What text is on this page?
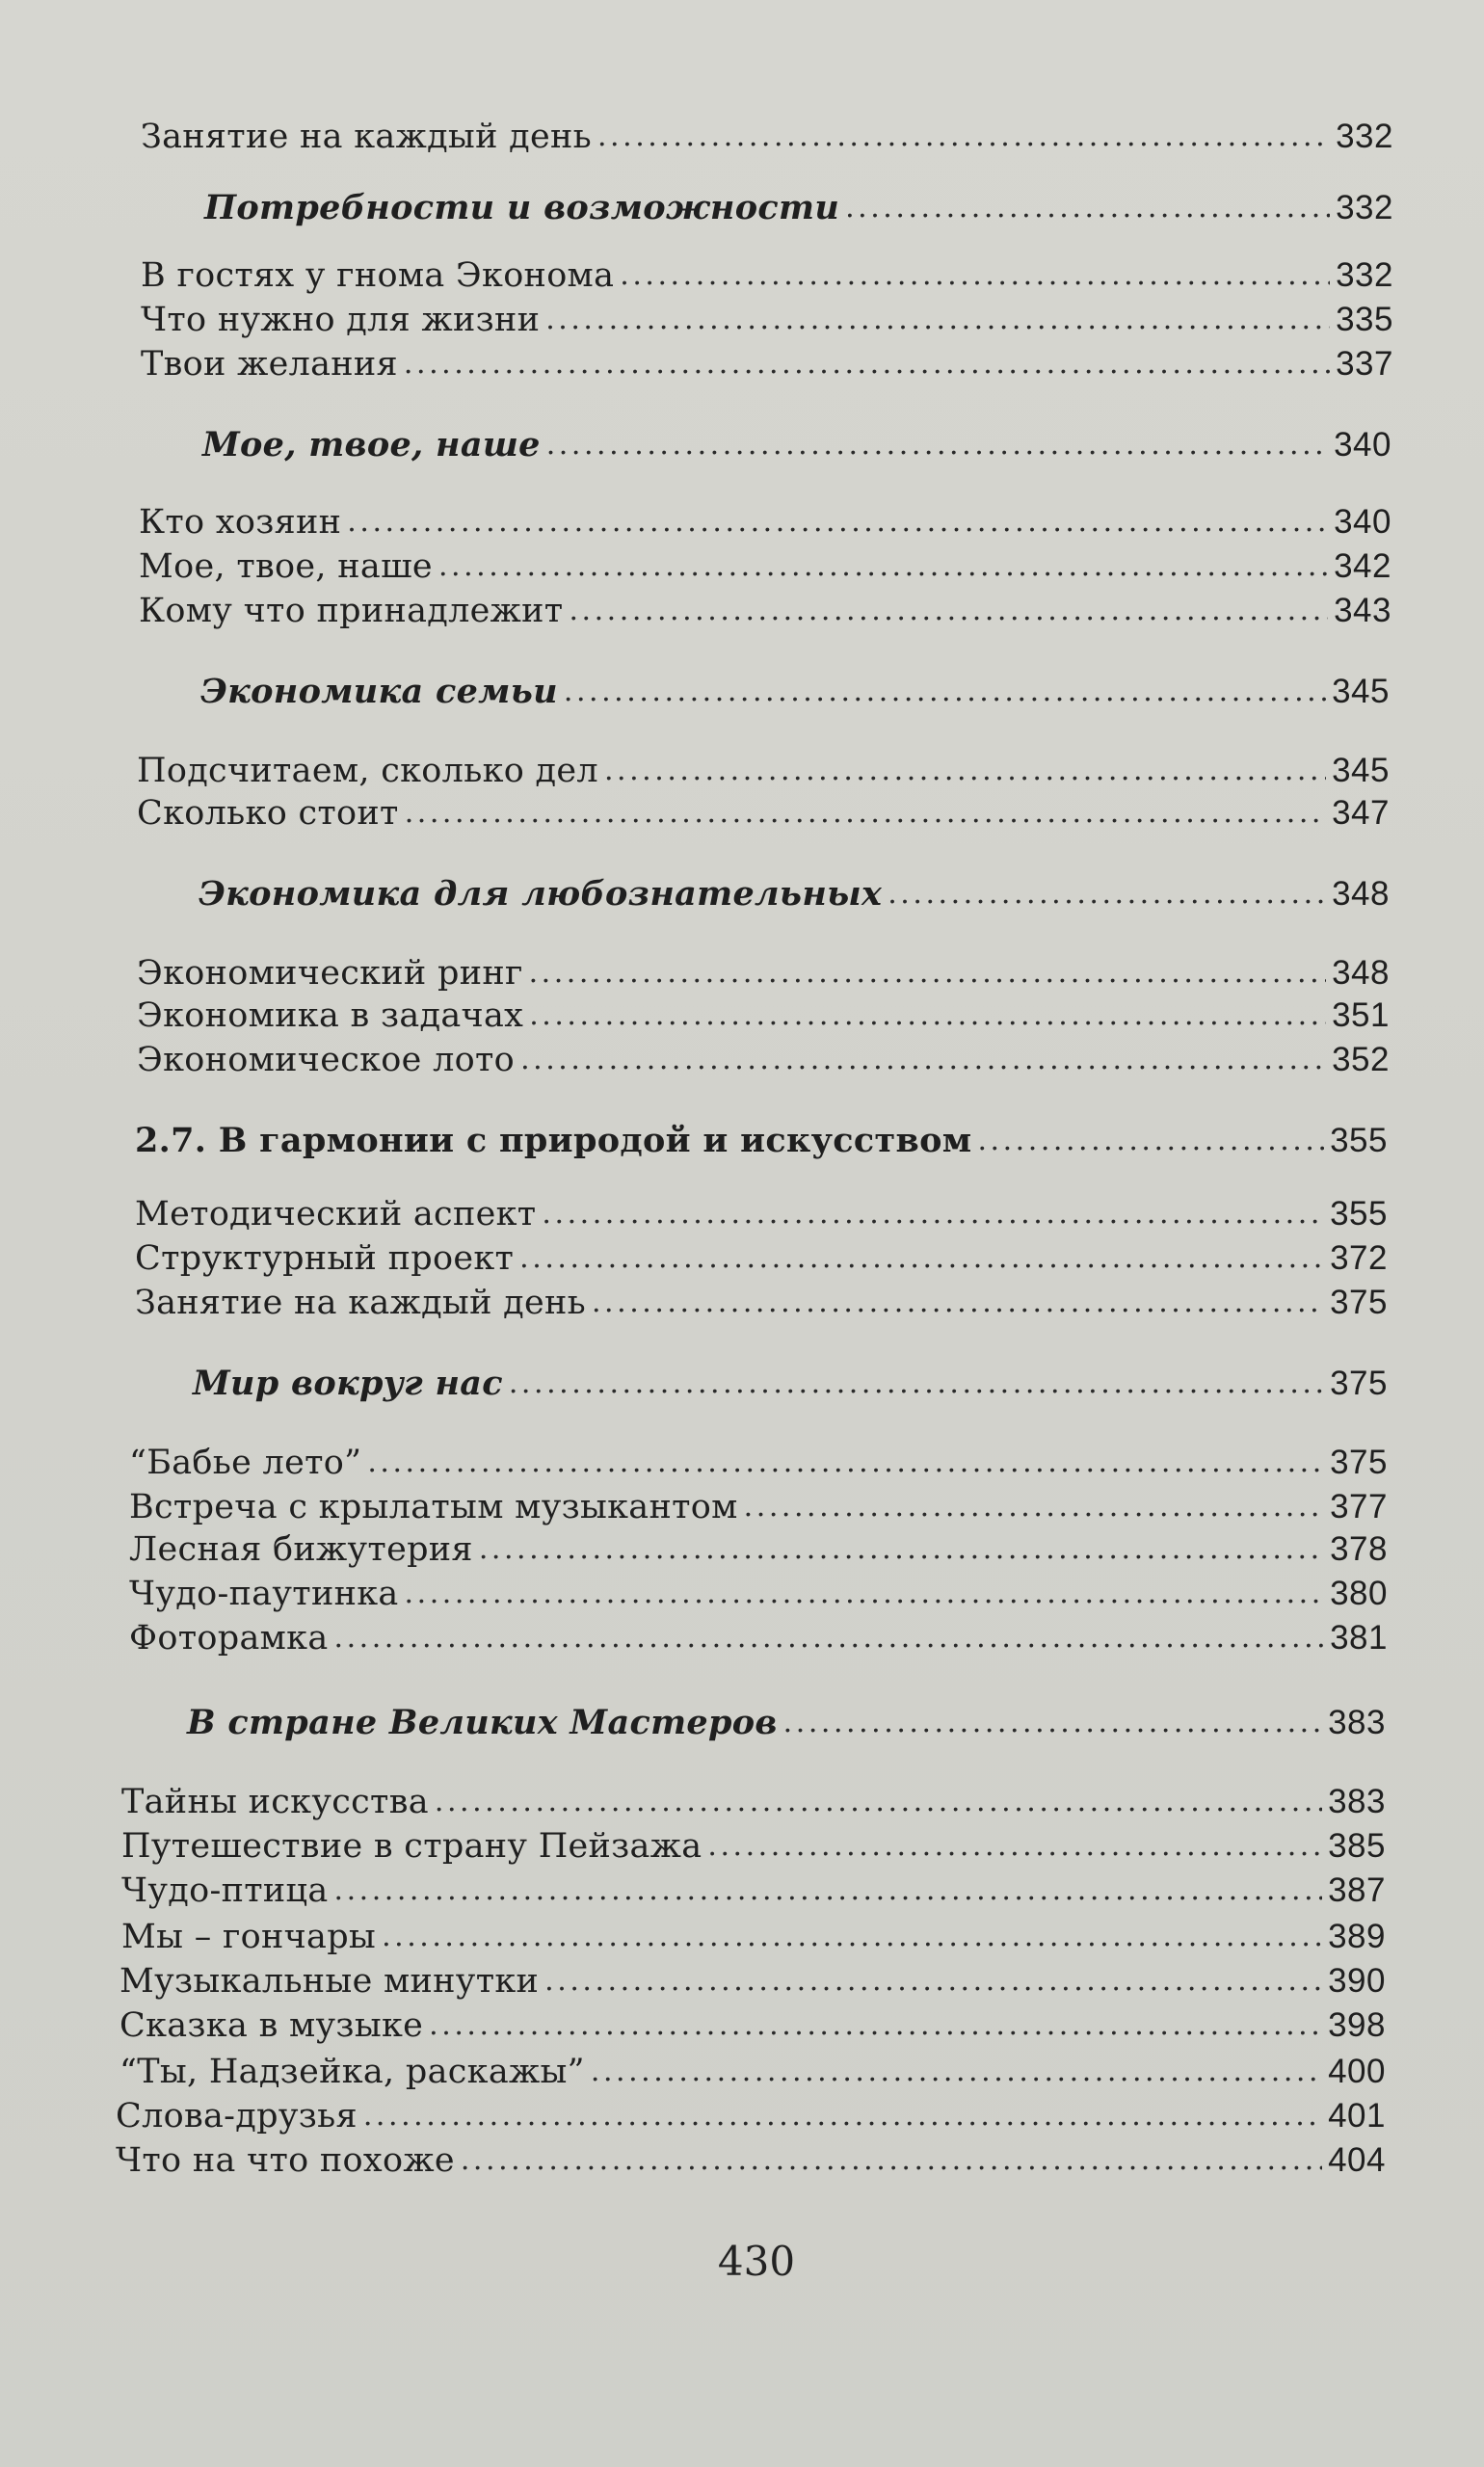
Занятие на каждый день . . .	332
Потребности и возможности . . .	332
В гостях у гнома Эконома . . .	332
Что нужно для жизни . . .	335
Твои желания . . .	337
Мое, твое, наше . . .	340
Кто хозяин . . .	340
Мое, твое, наше . . .	342
Кому что принадлежит . . .	343
Экономика семьи . . .	345
Подсчитаем, сколько дел . . .	345
Сколько стоит . . .	347
Экономика для любознательных . . .	348
Экономический ринг . . .	348
Экономика в задачах . . .	351
Экономическое лото . . .	352
2.7. В гармонии с природой и искусством . . .	355
Методический аспект . . .	355
Структурный проект . . .	372
Занятие на каждый день . . .	375
Мир вокруг нас . . .	375
“Бабье лето” . . .	375
Встреча с крылатым музыкантом . . .	377
Лесная бижутерия . . .	378
Чудо-паутинка . . .	380
Фоторамка . . .	381
В стране Великих Мастеров . . .	383
Тайны искусства . . .	383
Путешествие в страну Пейзажа . . .	385
Чудо-птица . . .	387
Мы – гончары . . .	389
Музыкальные минутки . . .	390
Сказка в музыке . . .	398
“Ты, Надзейка, раскажы” . . .	400
Слова-друзья . . .	401
Что на что похоже . . .	404
430
